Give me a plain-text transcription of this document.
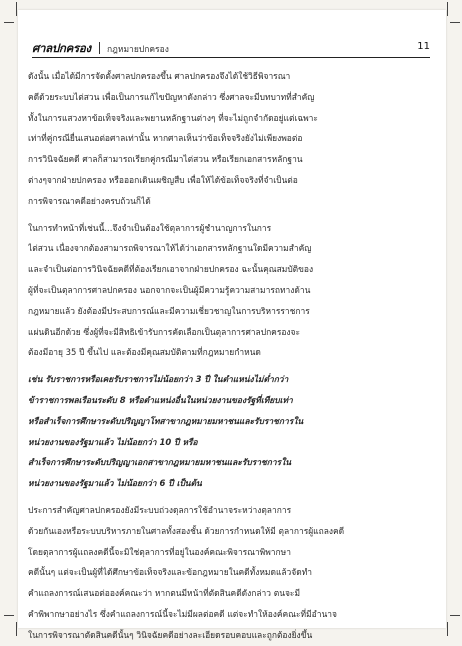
ศาลปกครอง กฎหมายปกครอง	11
ดังนั้น เมื่อได้มีการจัดตั้งศาลปกครองขึ้น ศาลปกครองจึงได้ใช้วิธีพิจารณา
คดีด้วยระบบไต่สวน เพื่อเป็นการแก้ไขปัญหาดังกล่าว ซึ่งศาลจะมีบทบาทที่สำคัญ
ทั้งในการแสวงหาข้อเท็จจริงและพยานหลักฐานต่างๆ ที่จะไม่ถูกจำกัดอยู่แต่เฉพาะ
เท่าที่คู่กรณียื่นเสนอต่อศาลเท่านั้น หากศาลเห็นว่าข้อเท็จจริงยังไม่เพียงพอต่อ
การวินิจฉัยคดี ศาลก็สามารถเรียกคู่กรณีมาไต่สวน หรือเรียกเอกสารหลักฐาน
ต่างๆจากฝ่ายปกครอง หรือออกเดินเผชิญสืบ เพื่อให้ได้ข้อเท็จจริงที่จำเป็นต่อ
การพิจารณาคดีอย่างครบถ้วนก็ได้
ในการทำหน้าที่เช่นนี้...จึงจำเป็นต้องใช้ตุลาการผู้ชำนาญการในการ
ไต่สวน เนื่องจากต้องสามารถพิจารณาให้ได้ว่าเอกสารหลักฐานใดมีความสำคัญ
และจำเป็นต่อการวินิจฉัยคดีที่ต้องเรียกเอาจากฝ่ายปกครอง ฉะนั้นคุณสมบัติของ
ผู้ที่จะเป็นตุลาการศาลปกครอง นอกจากจะเป็นผู้มีความรู้ความสามารถทางด้าน
กฎหมายแล้ว ยังต้องมีประสบการณ์และมีความเชี่ยวชาญในการบริหารราชการ
แผ่นดินอีกด้วย ซึ่งผู้ที่จะมีสิทธิเข้ารับการคัดเลือกเป็นตุลาการศาลปกครองจะ
ต้องมีอายุ 35 ปี ขึ้นไป และต้องมีคุณสมบัติตามที่กฎหมายกำหนด
เช่น รับราชการหรือเคยรับราชการไม่น้อยกว่า 3 ปี ในตำแหน่งไม่ต่ำกว่า
ข้าราชการพลเรือนระดับ 8 หรือตำแหน่งอื่นในหน่วยงานของรัฐที่เทียบเท่า
หรือสำเร็จการศึกษาระดับปริญญาโทสาขากฎหมายมหาชนและรับราชการใน
หน่วยงานของรัฐมาแล้ว ไม่น้อยกว่า 10 ปี หรือ
สำเร็จการศึกษาระดับปริญญาเอกสาขากฎหมายมหาชนและรับราชการใน
หน่วยงานของรัฐมาแล้ว ไม่น้อยกว่า 6 ปี เป็นต้น
ประการสำคัญศาลปกครองยังมีระบบถ่วงดุลการใช้อำนาจระหว่างตุลาการ
ด้วยกันเองหรือระบบบริหารภายในศาลทั้งสองชั้น ด้วยการกำหนดให้มี ตุลาการผู้แถลงคดี
โดยตุลาการผู้แถลงคดีนี้จะมิใช่ตุลาการที่อยู่ในองค์คณะพิจารณาพิพากษา
คดีนั้นๆ แต่จะเป็นผู้ที่ได้ศึกษาข้อเท็จจริงและข้อกฎหมายในคดีทั้งหมดแล้วจัดทำ
คำแถลงการณ์เสนอต่อองค์คณะว่า หากตนมีหน้าที่ตัดสินคดีดังกล่าว ตนจะมี
คำพิพากษาอย่างไร ซึ่งคำแถลงการณ์นี้จะไม่มีผลต่อคดี แต่จะทำให้องค์คณะที่มีอำนาจ
ในการพิจารณาตัดสินคดีนั้นๆ วินิจฉัยคดีอย่างละเอียดรอบคอบและถูกต้องยิ่งขึ้น
